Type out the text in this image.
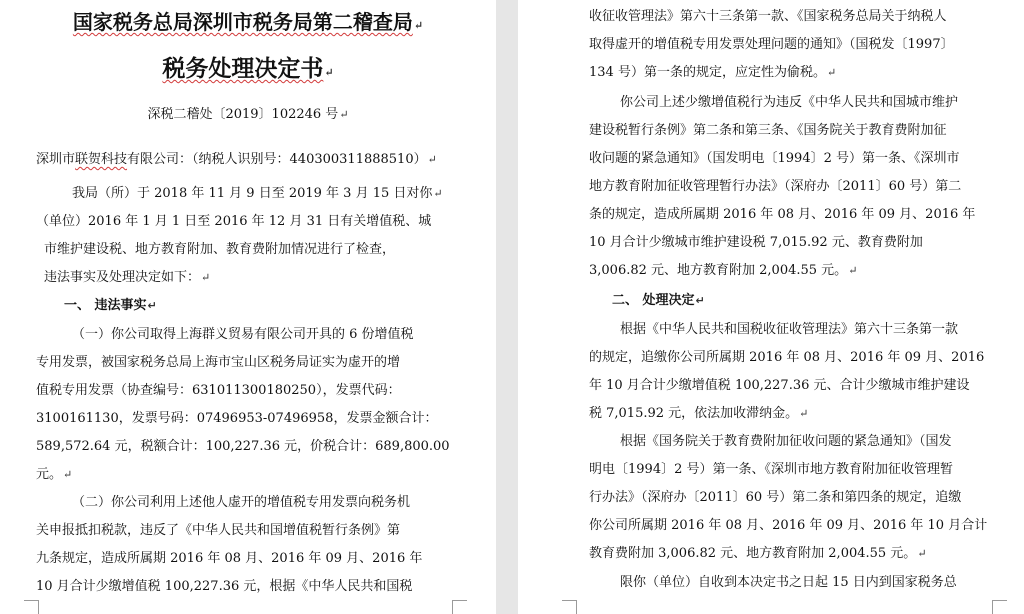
国家税务总局深圳市税务局第二稽查局↵
税务处理决定书↵
深税二稽处〔2019〕102246 号↵
深圳市联贺科技有限公司：（纳税人识别号：440300311888510）↵
我局（所）于 2018 年 11 月 9 日至 2019 年 3 月 15 日对你↵
（单位）2016 年 1 月 1 日至 2016 年 12 月 31 日有关增值税、城
市维护建设税、地方教育附加、教育费附加情况进行了检查，
违法事实及处理决定如下：↵
一、 违法事实↵
（一）你公司取得上海群义贸易有限公司开具的 6 份增值税
专用发票，被国家税务总局上海市宝山区税务局证实为虚开的增
值税专用发票（协查编号：631011300180250），发票代码：
3100161130，发票号码：07496953-07496958，发票金额合计：
589,572.64 元，税额合计：100,227.36 元，价税合计：689,800.00
元。↵
（二）你公司利用上述他人虚开的增值税专用发票向税务机
关申报抵扣税款，违反了《中华人民共和国增值税暂行条例》第
九条规定，造成所属期 2016 年 08 月、2016 年 09 月、2016 年
10 月合计少缴增值税 100,227.36 元，根据《中华人民共和国税
收征收管理法》第六十三条第一款、《国家税务总局关于纳税人
取得虚开的增值税专用发票处理问题的通知》（国税发〔1997〕
134 号）第一条的规定，应定性为偷税。↵
你公司上述少缴增值税行为违反《中华人民共和国城市维护
建设税暂行条例》第二条和第三条、《国务院关于教育费附加征
收问题的紧急通知》（国发明电〔1994〕2 号）第一条、《深圳市
地方教育附加征收管理暂行办法》（深府办〔2011〕60 号）第二
条的规定，造成所属期 2016 年 08 月、2016 年 09 月、2016 年
10 月合计少缴城市维护建设税 7,015.92 元、教育费附加
3,006.82 元、地方教育附加 2,004.55 元。↵
二、 处理决定↵
根据《中华人民共和国税收征收管理法》第六十三条第一款
的规定，追缴你公司所属期 2016 年 08 月、2016 年 09 月、2016
年 10 月合计少缴增值税 100,227.36 元、合计少缴城市维护建设
税 7,015.92 元，依法加收滞纳金。↵
根据《国务院关于教育费附加征收问题的紧急通知》（国发
明电〔1994〕2 号）第一条、《深圳市地方教育附加征收管理暂
行办法》（深府办〔2011〕60 号）第二条和第四条的规定，追缴
你公司所属期 2016 年 08 月、2016 年 09 月、2016 年 10 月合计
教育费附加 3,006.82 元、地方教育附加 2,004.55 元。↵
限你（单位）自收到本决定书之日起 15 日内到国家税务总
